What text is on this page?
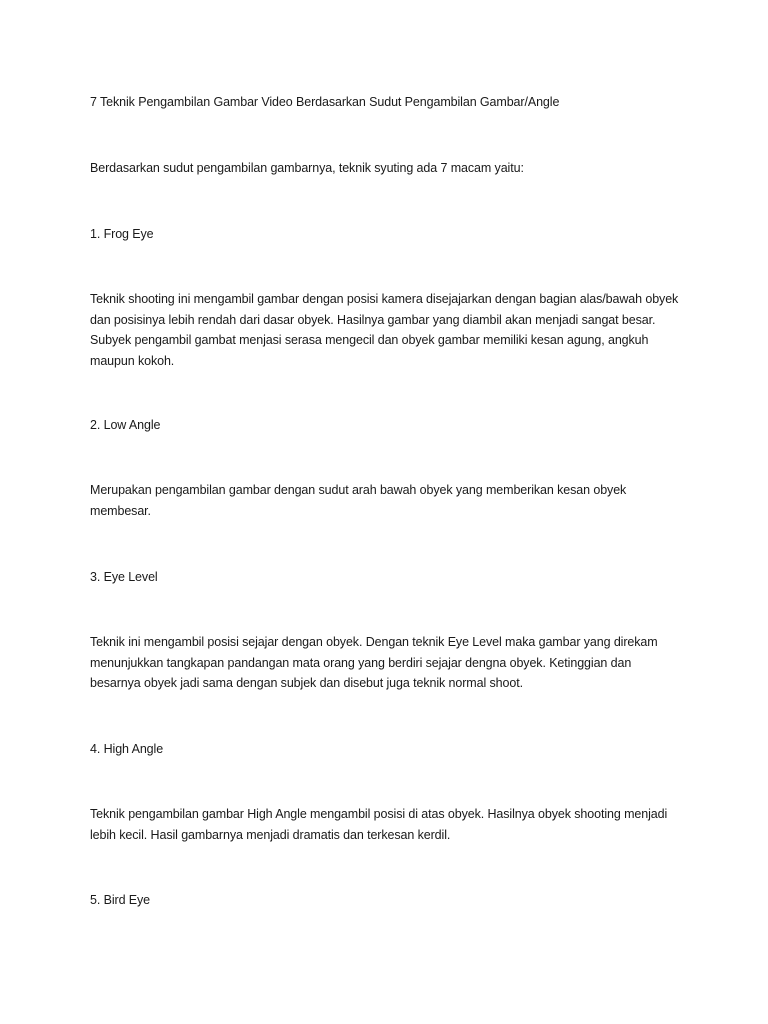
7 Teknik Pengambilan Gambar Video Berdasarkan Sudut Pengambilan Gambar/Angle

Berdasarkan sudut pengambilan gambarnya, teknik syuting ada 7 macam yaitu:

1. Frog Eye

Teknik shooting ini mengambil gambar dengan posisi kamera disejajarkan dengan bagian alas/bawah obyek dan posisinya lebih rendah dari dasar obyek. Hasilnya gambar yang diambil akan menjadi sangat besar. Subyek pengambil gambat menjasi serasa mengecil dan obyek gambar memiliki kesan agung, angkuh maupun kokoh.

2. Low Angle

Merupakan pengambilan gambar dengan sudut arah bawah obyek yang memberikan kesan obyek membesar.

3. Eye Level

Teknik ini mengambil posisi sejajar dengan obyek. Dengan teknik Eye Level maka gambar yang direkam menunjukkan tangkapan pandangan mata orang yang berdiri sejajar dengna obyek. Ketinggian dan besarnya obyek jadi sama dengan subjek dan disebut juga teknik normal shoot.

4. High Angle

Teknik pengambilan gambar High Angle mengambil posisi di atas obyek. Hasilnya obyek shooting menjadi lebih kecil. Hasil gambarnya menjadi dramatis dan terkesan kerdil.

5. Bird Eye
